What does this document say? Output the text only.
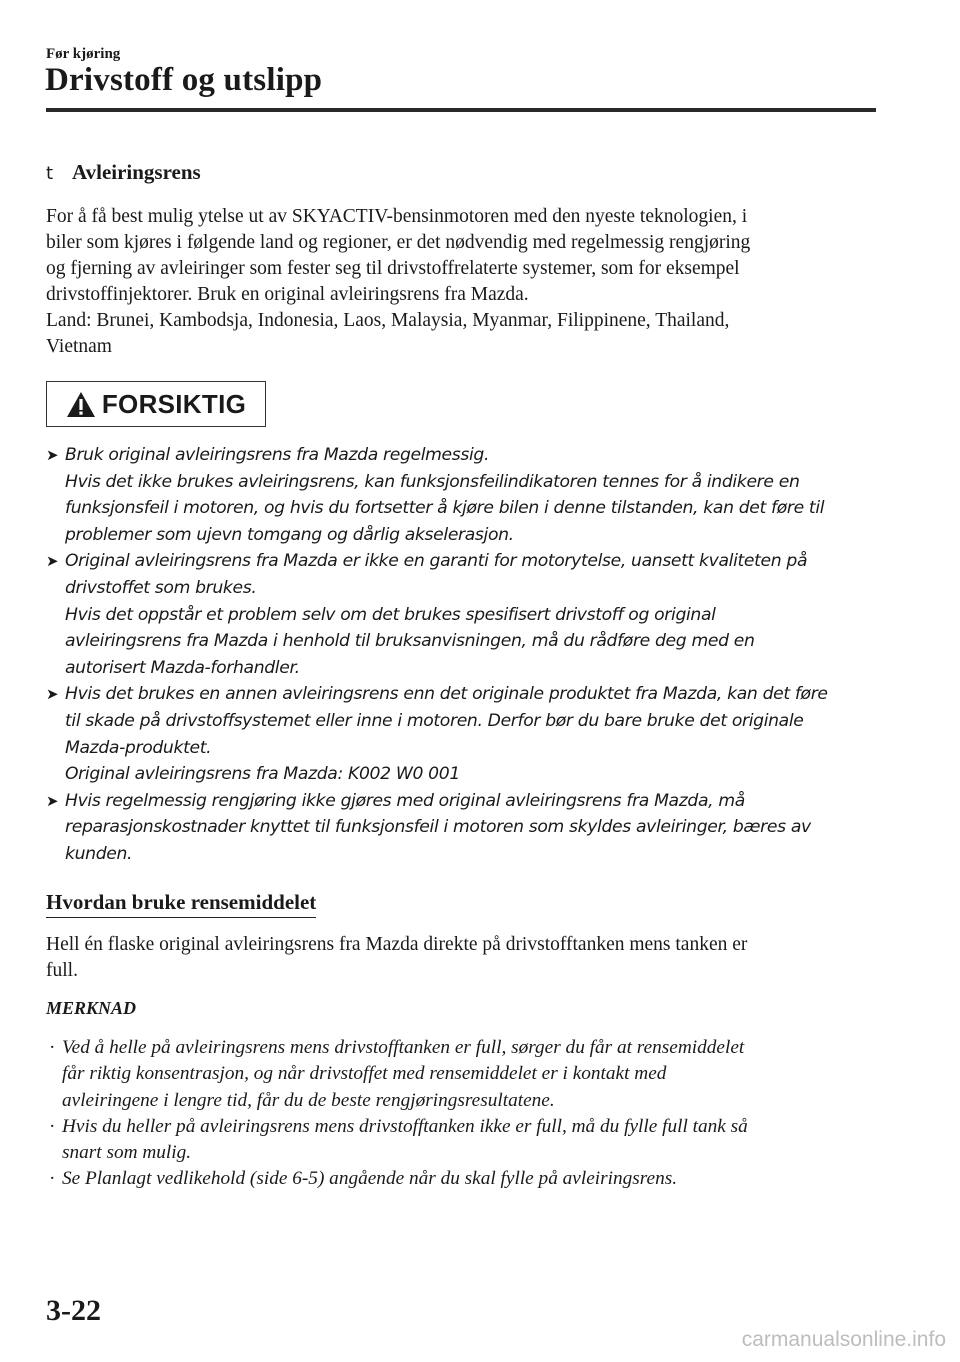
Før kjøring
Drivstoff og utslipp
t Avleiringsrens
For å få best mulig ytelse ut av SKYACTIV-bensinmotoren med den nyeste teknologien, i
biler som kjøres i følgende land og regioner, er det nødvendig med regelmessig rengjøring
og fjerning av avleiringer som fester seg til drivstoffrelaterte systemer, som for eksempel
drivstoffinjektorer. Bruk en original avleiringsrens fra Mazda.
Land: Brunei, Kambodsja, Indonesia, Laos, Malaysia, Myanmar, Filippinene, Thailand,
Vietnam
FORSIKTIG
➤ Bruk original avleiringsrens fra Mazda regelmessig.
Hvis det ikke brukes avleiringsrens, kan funksjonsfeilindikatoren tennes for å indikere en
funksjonsfeil i motoren, og hvis du fortsetter å kjøre bilen i denne tilstanden, kan det føre til
problemer som ujevn tomgang og dårlig akselerasjon.
➤ Original avleiringsrens fra Mazda er ikke en garanti for motorytelse, uansett kvaliteten på
drivstoffet som brukes.
Hvis det oppstår et problem selv om det brukes spesifisert drivstoff og original
avleiringsrens fra Mazda i henhold til bruksanvisningen, må du rådføre deg med en
autorisert Mazda-forhandler.
➤ Hvis det brukes en annen avleiringsrens enn det originale produktet fra Mazda, kan det føre
til skade på drivstoffsystemet eller inne i motoren. Derfor bør du bare bruke det originale
Mazda-produktet.
Original avleiringsrens fra Mazda: K002 W0 001
➤ Hvis regelmessig rengjøring ikke gjøres med original avleiringsrens fra Mazda, må
reparasjonskostnader knyttet til funksjonsfeil i motoren som skyldes avleiringer, bæres av
kunden.
Hvordan bruke rensemiddelet
Hell én flaske original avleiringsrens fra Mazda direkte på drivstofftanken mens tanken er
full.
MERKNAD
· Ved å helle på avleiringsrens mens drivstofftanken er full, sørger du får at rensemiddelet
får riktig konsentrasjon, og når drivstoffet med rensemiddelet er i kontakt med
avleiringene i lengre tid, får du de beste rengjøringsresultatene.
· Hvis du heller på avleiringsrens mens drivstofftanken ikke er full, må du fylle full tank så
snart som mulig.
· Se Planlagt vedlikehold (side 6-5) angående når du skal fylle på avleiringsrens.
3-22
carmanualsonline.info
